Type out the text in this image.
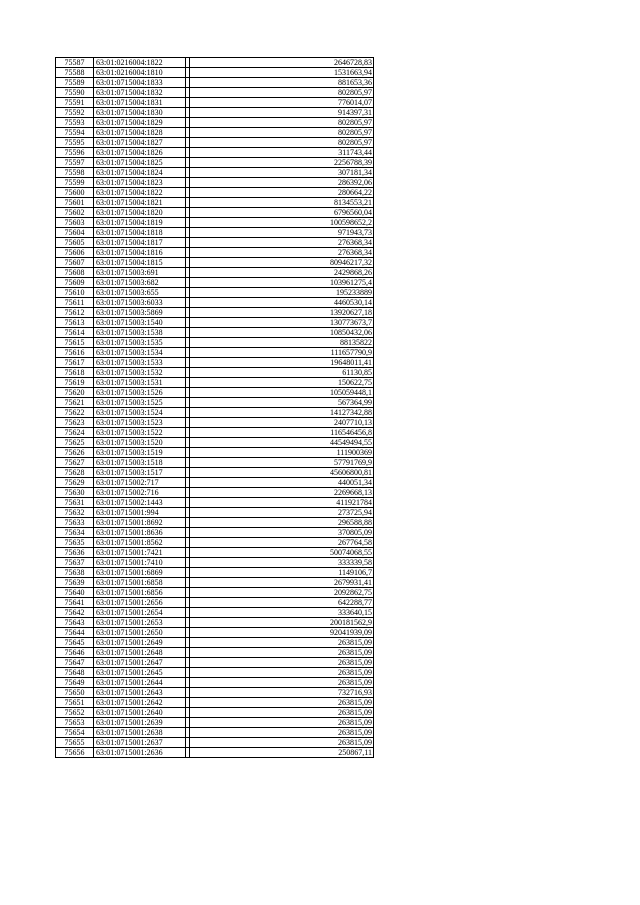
75587	63:01:0216004:1822		2646728,83
75588	63:01:0216004:1810		1531663,94
75589	63:01:0715004:1833		881653,36
75590	63:01:0715004:1832		802805,97
75591	63:01:0715004:1831		776014,07
75592	63:01:0715004:1830		914397,31
75593	63:01:0715004:1829		802805,97
75594	63:01:0715004:1828		802805,97
75595	63:01:0715004:1827		802805,97
75596	63:01:0715004:1826		311743,44
75597	63:01:0715004:1825		2256788,39
75598	63:01:0715004:1824		307181,34
75599	63:01:0715004:1823		286392,06
75600	63:01:0715004:1822		280664,22
75601	63:01:0715004:1821		8134553,21
75602	63:01:0715004:1820		6796560,04
75603	63:01:0715004:1819		100598652,2
75604	63:01:0715004:1818		971943,73
75605	63:01:0715004:1817		276368,34
75606	63:01:0715004:1816		276368,34
75607	63:01:0715004:1815		80946217,32
75608	63:01:0715003:691		2429868,26
75609	63:01:0715003:682		103961275,4
75610	63:01:0715003:655		195233889
75611	63:01:0715003:6033		4460530,14
75612	63:01:0715003:5869		13920627,18
75613	63:01:0715003:1540		130773673,7
75614	63:01:0715003:1538		10850432,06
75615	63:01:0715003:1535		88135822
75616	63:01:0715003:1534		111657790,9
75617	63:01:0715003:1533		19648011,41
75618	63:01:0715003:1532		61130,85
75619	63:01:0715003:1531		150622,75
75620	63:01:0715003:1526		105059448,1
75621	63:01:0715003:1525		567364,99
75622	63:01:0715003:1524		14127342,88
75623	63:01:0715003:1523		2407710,13
75624	63:01:0715003:1522		116546456,8
75625	63:01:0715003:1520		44549494,55
75626	63:01:0715003:1519		111900369
75627	63:01:0715003:1518		57791769,9
75628	63:01:0715003:1517		45606800,81
75629	63:01:0715002:717		440051,34
75630	63:01:0715002:716		2269668,13
75631	63:01:0715002:1443		411921784
75632	63:01:0715001:994		273725,94
75633	63:01:0715001:8692		296588,88
75634	63:01:0715001:8636		370805,09
75635	63:01:0715001:8562		267764,58
75636	63:01:0715001:7421		50074068,55
75637	63:01:0715001:7410		333339,58
75638	63:01:0715001:6869		1149106,7
75639	63:01:0715001:6858		2679931,41
75640	63:01:0715001:6856		2092862,75
75641	63:01:0715001:2656		642288,77
75642	63:01:0715001:2654		333640,15
75643	63:01:0715001:2653		200181562,9
75644	63:01:0715001:2650		92041939,09
75645	63:01:0715001:2649		263815,09
75646	63:01:0715001:2648		263815,09
75647	63:01:0715001:2647		263815,09
75648	63:01:0715001:2645		263815,09
75649	63:01:0715001:2644		263815,09
75650	63:01:0715001:2643		732716,93
75651	63:01:0715001:2642		263815,09
75652	63:01:0715001:2640		263815,09
75653	63:01:0715001:2639		263815,09
75654	63:01:0715001:2638		263815,09
75655	63:01:0715001:2637		263815,09
75656	63:01:0715001:2636		250867,11
